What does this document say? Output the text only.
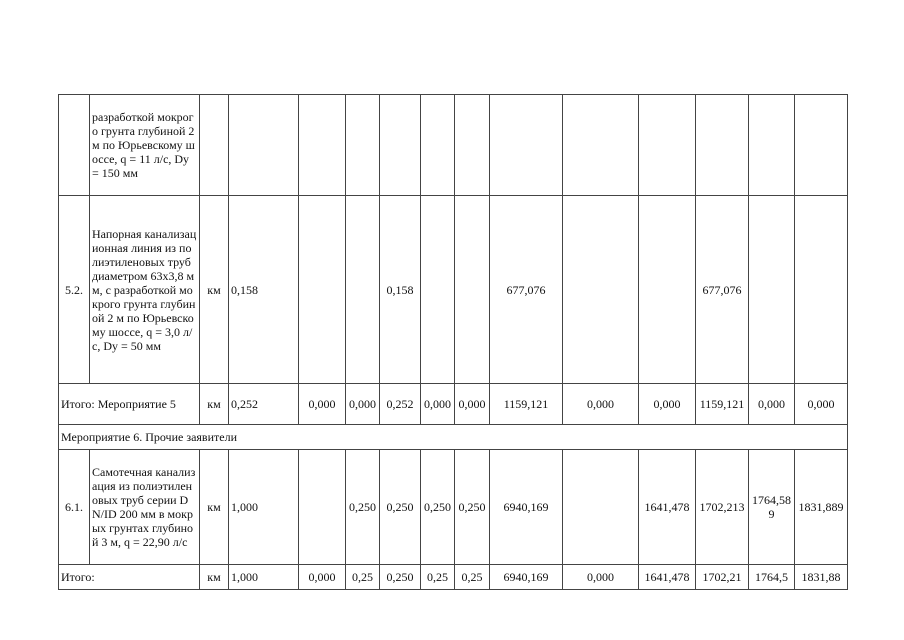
	разработкой мокрого грунта глубиной 2 м по Юрьевскому шоссе, q = 11 л/с, Dy = 150 мм													
5.2.	Напорная канализационная линия из полиэтиленовых труб диаметром 63х3,8 мм, с разработкой мокрого грунта глубиной 2 м по Юрьевскому шоссе, q = 3,0 л/с, Dy = 50 мм	км	0,158			0,158			677,076			677,076		
Итого: Мероприятие 5		км	0,252	0,000	0,000	0,252	0,000	0,000	1159,121	0,000	0,000	1159,121	0,000	0,000
Мероприятие 6. Прочие заявители														
6.1.	Самотечная канализация из полиэтиленовых труб серии DN/ID 200 мм в мокрых грунтах глубиной 3 м, q = 22,90 л/с	км	1,000		0,250	0,250	0,250	0,250	6940,169		1641,478	1702,213	1764,589	1831,889
Итого:		км	1,000	0,000	0,25	0,250	0,25	0,25	6940,169	0,000	1641,478	1702,21	1764,5	1831,88
